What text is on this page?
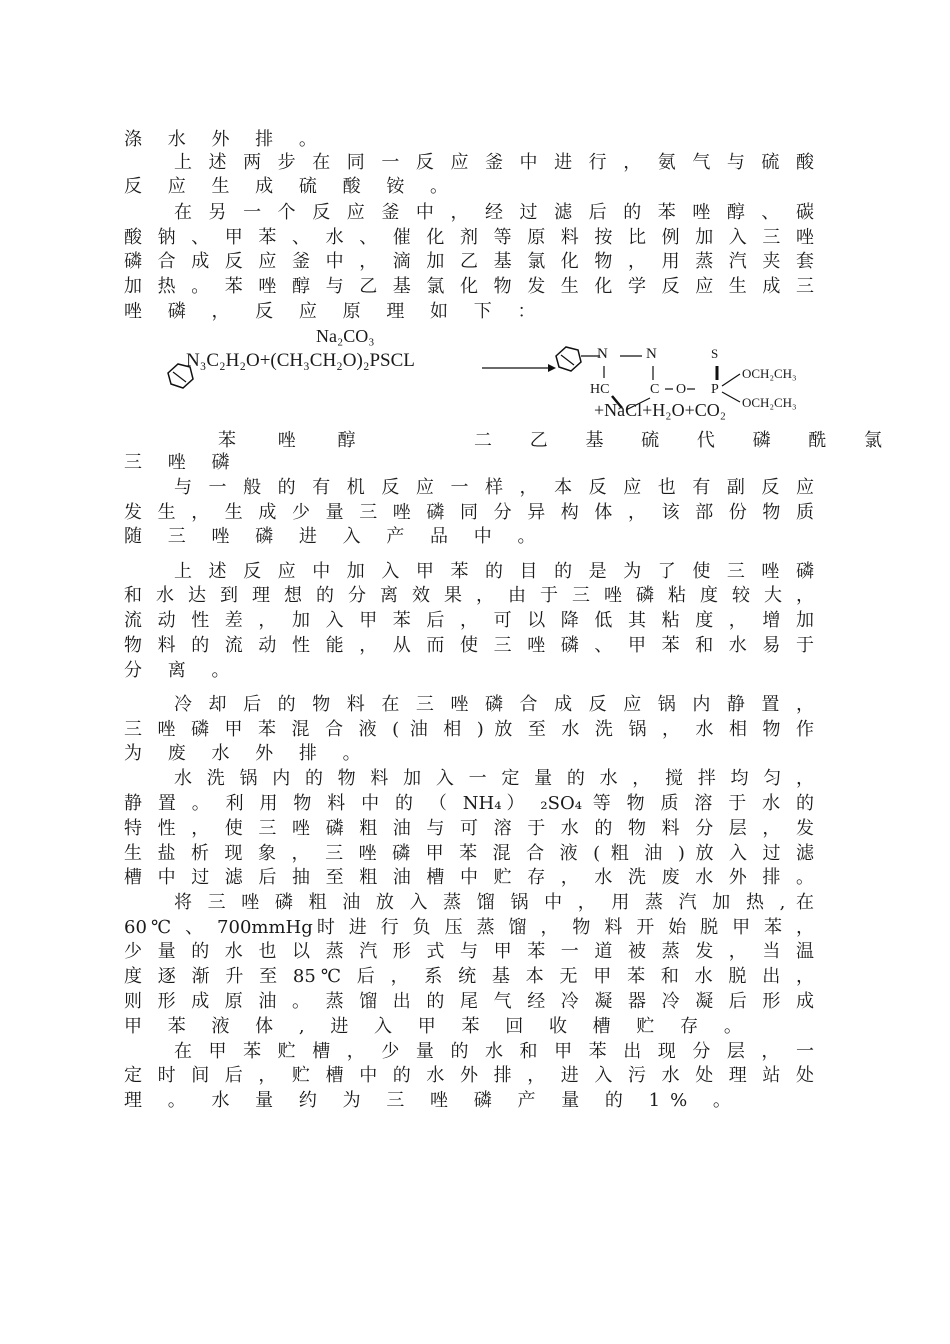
涤 水 外 排 。
上 述 两 步 在 同 一 反 应 釜 中 进 行 ， 氨 气 与 硫 酸
反 应 生 成 硫 酸 铵 。
在 另 一 个 反 应 釜 中 ， 经 过 滤 后 的 苯 唑 醇 、 碳
酸 钠 、 甲 苯 、 水 、 催 化 剂 等 原 料 按 比 例 加 入 三 唑
磷 合 成 反 应 釜 中 ， 滴 加 乙 基 氯 化 物 ， 用 蒸 汽 夹 套
加 热 。 苯 唑 醇 与 乙 基 氯 化 物 发 生 化 学 反 应 生 成 三
唑 磷 ， 反 应 原 理 如 下 ：
Na₂CO₃
N₃C₂H₂O+(CH₃CH₂O)₂PSCL	N	N	S
HC	C O P
OCH₂CH₃
OCH₂CH₃
+NaCl+H₂O+CO₂
苯 唑 醇	二 乙 基 硫 代 磷 酰 氯
三 唑 磷
与 一 般 的 有 机 反 应 一 样 ， 本 反 应 也 有 副 反 应
发 生 ， 生 成 少 量 三 唑 磷 同 分 异 构 体 ， 该 部 份 物 质
随 三 唑 磷 进 入 产 品 中 。
上 述 反 应 中 加 入 甲 苯 的 目 的 是 为 了 使 三 唑 磷
和 水 达 到 理 想 的 分 离 效 果 ， 由 于 三 唑 磷 粘 度 较 大 ，
流 动 性 差 ， 加 入 甲 苯 后 ， 可 以 降 低 其 粘 度 ， 增 加
物 料 的 流 动 性 能 ， 从 而 使 三 唑 磷 、 甲 苯 和 水 易 于
分 离 。
冷 却 后 的 物 料 在 三 唑 磷 合 成 反 应 锅 内 静 置 ，
三 唑 磷 甲 苯 混 合 液 ( 油 相 ) 放 至 水 洗 锅 ， 水 相 物 作
为 废 水 外 排 。
水 洗 锅 内 的 物 料 加 入 一 定 量 的 水 ， 搅 拌 均 匀 ，
静 置 。 利 用 物 料 中 的 （ NH₄） ₂SO₄ 等 物 质 溶 于 水 的
特 性 ， 使 三 唑 磷 粗 油 与 可 溶 于 水 的 物 料 分 层 ， 发
生 盐 析 现 象 ， 三 唑 磷 甲 苯 混 合 液 ( 粗 油 ) 放 入 过 滤
槽 中 过 滤 后 抽 至 粗 油 槽 中 贮 存 ， 水 洗 废 水 外 排 。
将 三 唑 磷 粗 油 放 入 蒸 馏 锅 中 ， 用 蒸 汽 加 热 , 在
60℃ 、 700mmHg时 进 行 负 压 蒸 馏 ， 物 料 开 始 脱 甲 苯 ，
少 量 的 水 也 以 蒸 汽 形 式 与 甲 苯 一 道 被 蒸 发 ， 当 温
度 逐 渐 升 至 85℃ 后 ， 系 统 基 本 无 甲 苯 和 水 脱 出 ，
则 形 成 原 油 。 蒸 馏 出 的 尾 气 经 冷 凝 器 冷 凝 后 形 成
甲 苯 液 体 , 进 入 甲 苯 回 收 槽 贮 存 。
在 甲 苯 贮 槽 ， 少 量 的 水 和 甲 苯 出 现 分 层 ， 一
定 时 间 后 ， 贮 槽 中 的 水 外 排 ， 进 入 污 水 处 理 站 处
理 。 水 量 约 为 三 唑 磷 产 量 的 1% 。
